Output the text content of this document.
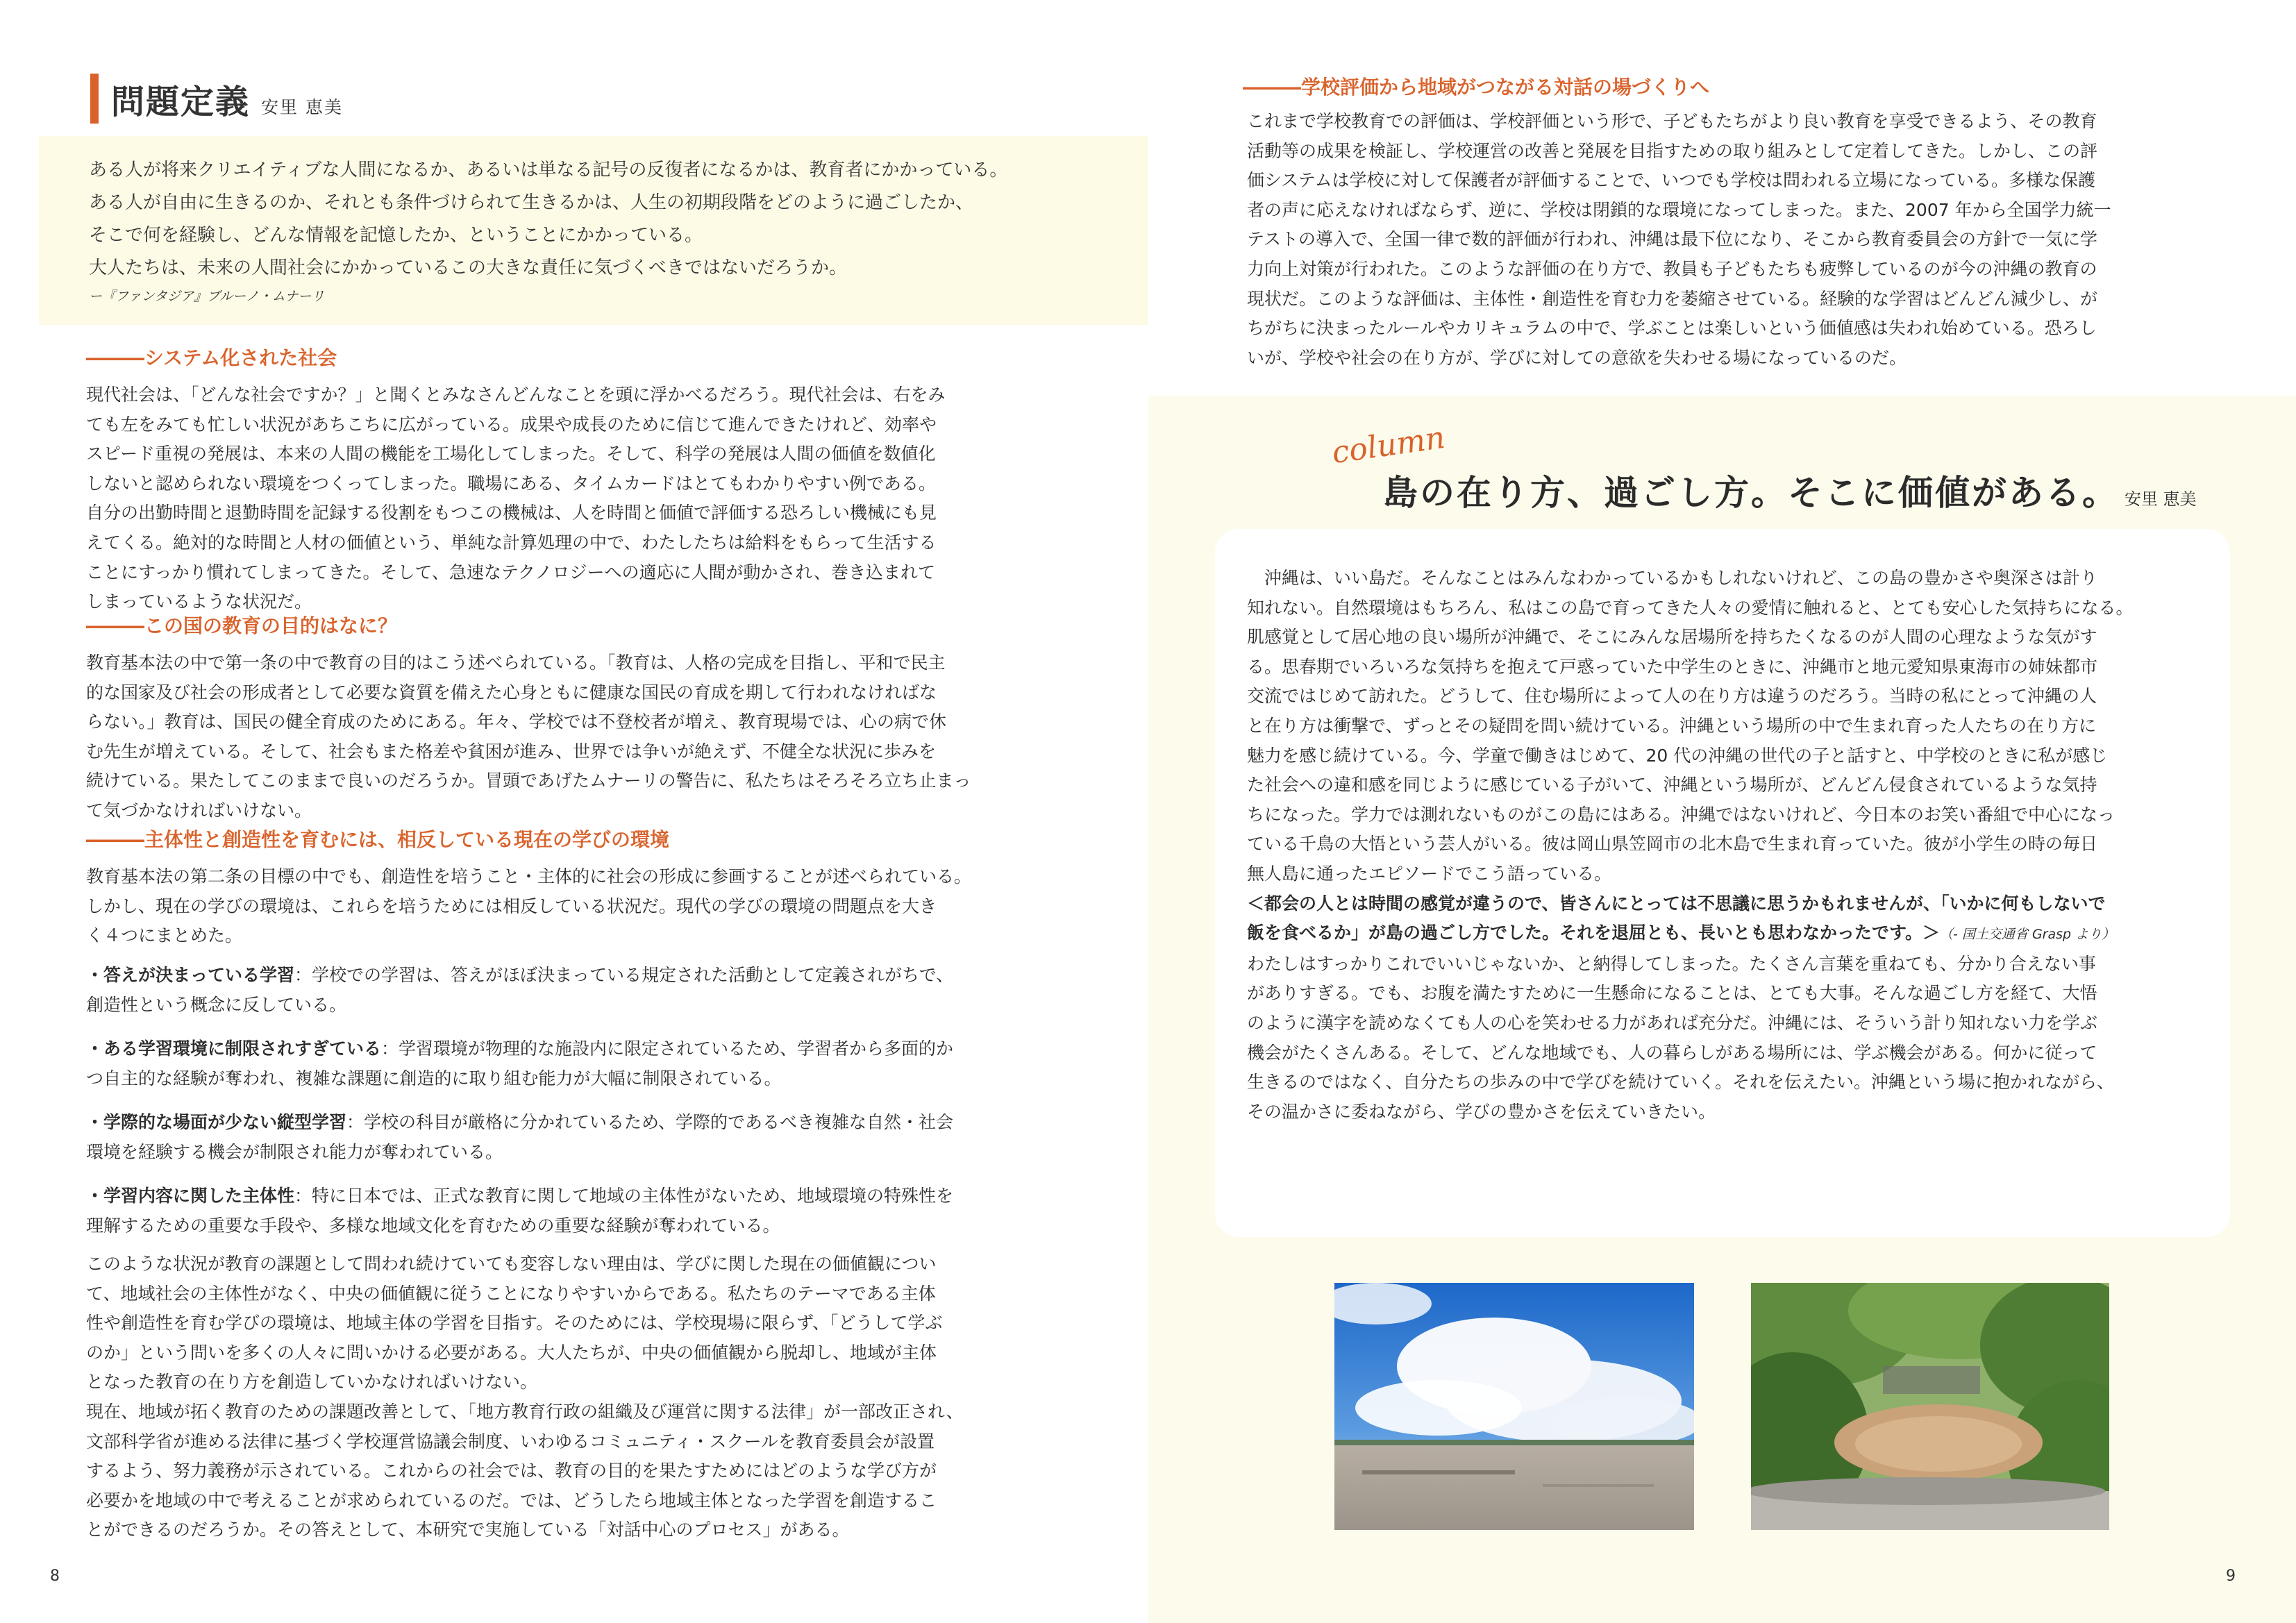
問題定義 安里 恵美
ある人が将来クリエイティブな人間になるか、あるいは単なる記号の反復者になるかは、教育者にかかっている。
ある人が自由に生きるのか、それとも条件づけられて生きるかは、人生の初期段階をどのように過ごしたか、
そこで何を経験し、どんな情報を記憶したか、ということにかかっている。
大人たちは、未来の人間社会にかかっているこの大きな責任に気づくべきではないだろうか。
ー『ファンタジア』ブルーノ・ムナーリ
―――システム化された社会
現代社会は、「どんな社会ですか？」と聞くとみなさんどんなことを頭に浮かべるだろう。現代社会は、右をみ
ても左をみても忙しい状況があちこちに広がっている。成果や成長のために信じて進んできたけれど、効率や
スピード重視の発展は、本来の人間の機能を工場化してしまった。そして、科学の発展は人間の価値を数値化
しないと認められない環境をつくってしまった。職場にある、タイムカードはとてもわかりやすい例である。
自分の出勤時間と退勤時間を記録する役割をもつこの機械は、人を時間と価値で評価する恐ろしい機械にも見
えてくる。絶対的な時間と人材の価値という、単純な計算処理の中で、わたしたちは給料をもらって生活する
ことにすっかり慣れてしまってきた。そして、急速なテクノロジーへの適応に人間が動かされ、巻き込まれて
しまっているような状況だ。
―――この国の教育の目的はなに？
教育基本法の中で第一条の中で教育の目的はこう述べられている。「教育は、人格の完成を目指し、平和で民主
的な国家及び社会の形成者として必要な資質を備えた心身ともに健康な国民の育成を期して行われなければな
らない。」教育は、国民の健全育成のためにある。年々、学校では不登校者が増え、教育現場では、心の病で休
む先生が増えている。そして、社会もまた格差や貧困が進み、世界では争いが絶えず、不健全な状況に歩みを
続けている。果たしてこのままで良いのだろうか。冒頭であげたムナーリの警告に、私たちはそろそろ立ち止まっ
て気づかなければいけない。
―――主体性と創造性を育むには、相反している現在の学びの環境
教育基本法の第二条の目標の中でも、創造性を培うこと・主体的に社会の形成に参画することが述べられている。
しかし、現在の学びの環境は、これらを培うためには相反している状況だ。現代の学びの環境の問題点を大き
く４つにまとめた。
・答えが決まっている学習：学校での学習は、答えがほぼ決まっている規定された活動として定義されがちで、
創造性という概念に反している。
・ある学習環境に制限されすぎている：学習環境が物理的な施設内に限定されているため、学習者から多面的か
つ自主的な経験が奪われ、複雑な課題に創造的に取り組む能力が大幅に制限されている。
・学際的な場面が少ない縦型学習：学校の科目が厳格に分かれているため、学際的であるべき複雑な自然・社会
環境を経験する機会が制限され能力が奪われている。
・学習内容に関した主体性：特に日本では、正式な教育に関して地域の主体性がないため、地域環境の特殊性を
理解するための重要な手段や、多様な地域文化を育むための重要な経験が奪われている。
このような状況が教育の課題として問われ続けていても変容しない理由は、学びに関した現在の価値観につい
て、地域社会の主体性がなく、中央の価値観に従うことになりやすいからである。私たちのテーマである主体
性や創造性を育む学びの環境は、地域主体の学習を目指す。そのためには、学校現場に限らず、「どうして学ぶ
のか」という問いを多くの人々に問いかける必要がある。大人たちが、中央の価値観から脱却し、地域が主体
となった教育の在り方を創造していかなければいけない。
現在、地域が拓く教育のための課題改善として、「地方教育行政の組織及び運営に関する法律」が一部改正され、
文部科学省が進める法律に基づく学校運営協議会制度、いわゆるコミュニティ・スクールを教育委員会が設置
するよう、努力義務が示されている。これからの社会では、教育の目的を果たすためにはどのような学び方が
必要かを地域の中で考えることが求められているのだ。では、どうしたら地域主体となった学習を創造するこ
とができるのだろうか。その答えとして、本研究で実施している「対話中心のプロセス」がある。
8
―――学校評価から地域がつながる対話の場づくりへ
これまで学校教育での評価は、学校評価という形で、子どもたちがより良い教育を享受できるよう、その教育
活動等の成果を検証し、学校運営の改善と発展を目指すための取り組みとして定着してきた。しかし、この評
価システムは学校に対して保護者が評価することで、いつでも学校は問われる立場になっている。多様な保護
者の声に応えなければならず、逆に、学校は閉鎖的な環境になってしまった。また、2007 年から全国学力統一
テストの導入で、全国一律で数的評価が行われ、沖縄は最下位になり、そこから教育委員会の方針で一気に学
力向上対策が行われた。このような評価の在り方で、教員も子どもたちも疲弊しているのが今の沖縄の教育の
現状だ。このような評価は、主体性・創造性を育む力を萎縮させている。経験的な学習はどんどん減少し、が
ちがちに決まったルールやカリキュラムの中で、学ぶことは楽しいという価値感は失われ始めている。恐ろし
いが、学校や社会の在り方が、学びに対しての意欲を失わせる場になっているのだ。
column
島の在り方、過ごし方。そこに価値がある。 安里 恵美
　沖縄は、いい島だ。そんなことはみんなわかっているかもしれないけれど、この島の豊かさや奥深さは計り
知れない。自然環境はもちろん、私はこの島で育ってきた人々の愛情に触れると、とても安心した気持ちになる。
肌感覚として居心地の良い場所が沖縄で、そこにみんな居場所を持ちたくなるのが人間の心理なような気がす
る。思春期でいろいろな気持ちを抱えて戸惑っていた中学生のときに、沖縄市と地元愛知県東海市の姉妹都市
交流ではじめて訪れた。どうして、住む場所によって人の在り方は違うのだろう。当時の私にとって沖縄の人
と在り方は衝撃で、ずっとその疑問を問い続けている。沖縄という場所の中で生まれ育った人たちの在り方に
魅力を感じ続けている。今、学童で働きはじめて、20 代の沖縄の世代の子と話すと、中学校のときに私が感じ
た社会への違和感を同じように感じている子がいて、沖縄という場所が、どんどん侵食されているような気持
ちになった。学力では測れないものがこの島にはある。沖縄ではないけれど、今日本のお笑い番組で中心になっ
ている千鳥の大悟という芸人がいる。彼は岡山県笠岡市の北木島で生まれ育っていた。彼が小学生の時の毎日
無人島に通ったエピソードでこう語っている。
＜都会の人とは時間の感覚が違うので、皆さんにとっては不思議に思うかもれませんが、「いかに何もしないで
飯を食べるか」が島の過ごし方でした。それを退屈とも、長いとも思わなかったです。＞（- 国土交通省 Grasp より）
わたしはすっかりこれでいいじゃないか、と納得してしまった。たくさん言葉を重ねても、分かり合えない事
がありすぎる。でも、お腹を満たすために一生懸命になることは、とても大事。そんな過ごし方を経て、大悟
のように漢字を読めなくても人の心を笑わせる力があれば充分だ。沖縄には、そういう計り知れない力を学ぶ
機会がたくさんある。そして、どんな地域でも、人の暮らしがある場所には、学ぶ機会がある。何かに従って
生きるのではなく、自分たちの歩みの中で学びを続けていく。それを伝えたい。沖縄という場に抱かれながら、
その温かさに委ねながら、学びの豊かさを伝えていきたい。
9
